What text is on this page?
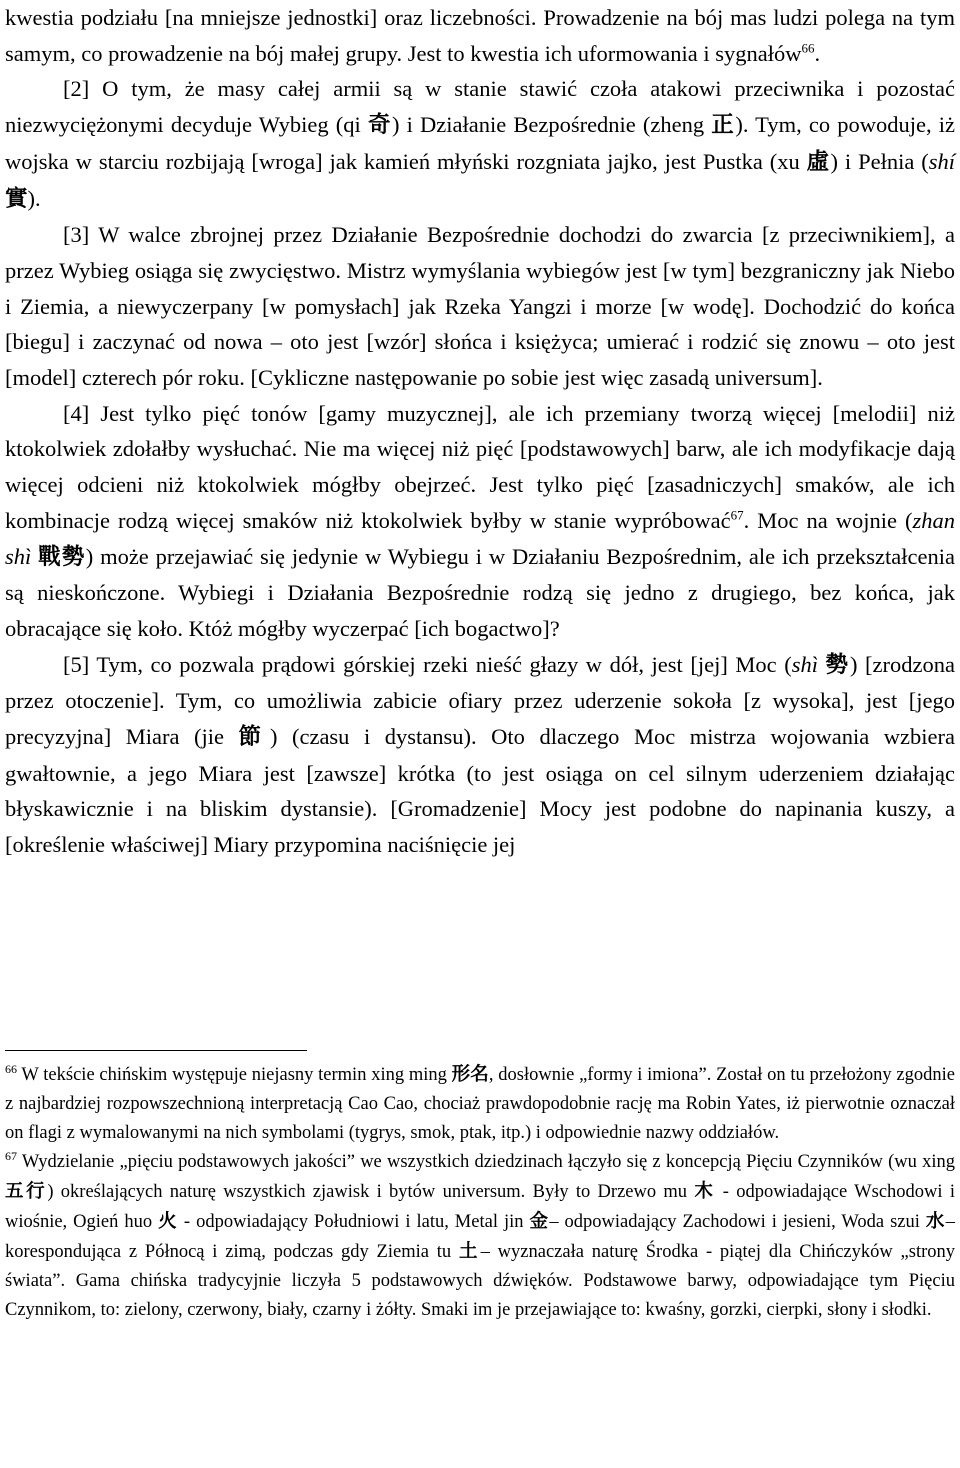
kwestia podziału [na mniejsze jednostki] oraz liczebności. Prowadzenie na bój mas ludzi polega na tym samym, co prowadzenie na bój małej grupy. Jest to kwestia ich uformowania i sygnałów$^{66}$.

[2] O tym, że masy całej armii są w stanie stawić czoła atakowi przeciwnika i pozostać niezwyciężonymi decyduje Wybieg (qi 奇) i Działanie Bezpośrednie (zheng 正). Tym, co powoduje, iż wojska w starciu rozbijają [wroga] jak kamień młyński rozgniata jajko, jest Pustka (xu 虛) i Pełnia (shí 實).

[3] W walce zbrojnej przez Działanie Bezpośrednie dochodzi do zwarcia [z przeciwnikiem], a przez Wybieg osiąga się zwycięstwo. Mistrz wymyślania wybiegów jest [w tym] bezgraniczny jak Niebo i Ziemia, a niewyczerpany [w pomysłach] jak Rzeka Yangzi i morze [w wodę]. Dochodzić do końca [biegu] i zaczynać od nowa – oto jest [wzór] słońca i księżyca; umierać i rodzić się znowu – oto jest [model] czterech pór roku. [Cykliczne następowanie po sobie jest więc zasadą universum].

[4] Jest tylko pięć tonów [gamy muzycznej], ale ich przemiany tworzą więcej [melodii] niż ktokolwiek zdołałby wysłuchać. Nie ma więcej niż pięć [podstawowych] barw, ale ich modyfikacje dają więcej odcieni niż ktokolwiek mógłby obejrzeć. Jest tylko pięć [zasadniczych] smaków, ale ich kombinacje rodzą więcej smaków niż ktokolwiek byłby w stanie wypróbować$^{67}$. Moc na wojnie (zhan shì 戰勢) może przejawiać się jedynie w Wybiegu i w Działaniu Bezpośrednim, ale ich przekształcenia są nieskończone. Wybiegi i Działania Bezpośrednie rodzą się jedno z drugiego, bez końca, jak obracające się koło. Któż mógłby wyczerpać [ich bogactwo]?

[5] Tym, co pozwala prądowi górskiej rzeki nieść głazy w dół, jest [jej] Moc (shì 勢) [zrodzona przez otoczenie]. Tym, co umożliwia zabicie ofiary przez uderzenie sokoła [z wysoka], jest [jego precyzyjna] Miara (jie 節) (czasu i dystansu). Oto dlaczego Moc mistrza wojowania wzbiera gwałtownie, a jego Miara jest [zawsze] krótka (to jest osiąga on cel silnym uderzeniem działając błyskawicznie i na bliskim dystansie). [Gromadzenie] Mocy jest podobne do napinania kuszy, a [określenie właściwej] Miary przypomina naciśnięcie jej

$^{66}$ W tekście chińskim występuje niejasny termin xing ming 形名, dosłownie „formy i imiona”. Został on tu przełożony zgodnie z najbardziej rozpowszechnioną interpretacją Cao Cao, chociaż prawdopodobnie rację ma Robin Yates, iż pierwotnie oznaczał on flagi z wymalowanymi na nich symbolami (tygrys, smok, ptak, itp.) i odpowiednie nazwy oddziałów.

$^{67}$ Wydzielanie „pięciu podstawowych jakości” we wszystkich dziedzinach łączyło się z koncepcją Pięciu Czynników (wu xing 五行) określających naturę wszystkich zjawisk i bytów universum. Były to Drzewo mu 木 - odpowiadające Wschodowi i wiośnie, Ogień huo 火 - odpowiadający Południowi i latu, Metal jin 金– odpowiadający Zachodowi i jesieni, Woda szui 水– korespondująca z Północą i zimą, podczas gdy Ziemia tu 土– wyznaczała naturę Środka - piątej dla Chińczyków „strony świata”. Gama chińska tradycyjnie liczyła 5 podstawowych dźwięków. Podstawowe barwy, odpowiadające tym Pięciu Czynnikom, to: zielony, czerwony, biały, czarny i żółty. Smaki im je przejawiające to: kwaśny, gorzki, cierpki, słony i słodki.
